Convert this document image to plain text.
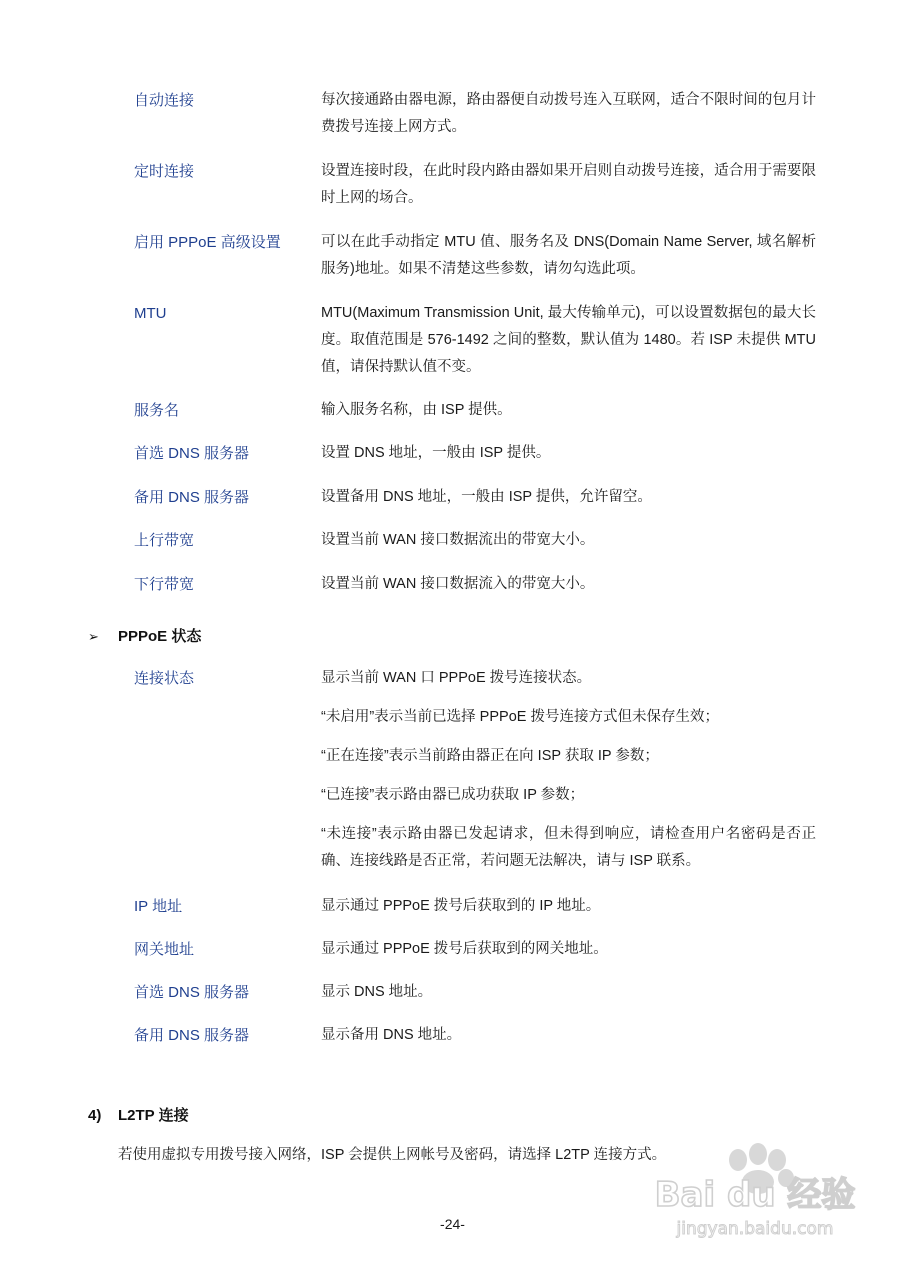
自动连接	每次接通路由器电源，路由器便自动拨号连入互联网，适合不限时间的包月计费拨号连接上网方式。
定时连接	设置连接时段，在此时段内路由器如果开启则自动拨号连接，适合用于需要限时上网的场合。
启用 PPPoE 高级设置	可以在此手动指定 MTU 值、服务名及 DNS(Domain Name Server, 域名解析服务)地址。如果不清楚这些参数，请勿勾选此项。
MTU	MTU(Maximum Transmission Unit, 最大传输单元)，可以设置数据包的最大长度。取值范围是 576-1492 之间的整数，默认值为 1480。若 ISP 未提供 MTU 值，请保持默认值不变。
服务名	输入服务名称，由 ISP 提供。
首选 DNS 服务器	设置 DNS 地址，一般由 ISP 提供。
备用 DNS 服务器	设置备用 DNS 地址，一般由 ISP 提供，允许留空。
上行带宽	设置当前 WAN 接口数据流出的带宽大小。
下行带宽	设置当前 WAN 接口数据流入的带宽大小。
➢ PPPoE 状态
连接状态	显示当前 WAN 口 PPPoE 拨号连接状态。
“未启用”表示当前已选择 PPPoE 拨号连接方式但未保存生效；
“正在连接”表示当前路由器正在向 ISP 获取 IP 参数；
“已连接”表示路由器已成功获取 IP 参数；
“未连接”表示路由器已发起请求，但未得到响应，请检查用户名密码是否正确、连接线路是否正常，若问题无法解决，请与 ISP 联系。
IP 地址	显示通过 PPPoE 拨号后获取到的 IP 地址。
网关地址	显示通过 PPPoE 拨号后获取到的网关地址。
首选 DNS 服务器	显示 DNS 地址。
备用 DNS 服务器	显示备用 DNS 地址。
4) L2TP 连接
若使用虚拟专用拨号接入网络，ISP 会提供上网帐号及密码，请选择 L2TP 连接方式。
-24-
Bai du 经验
jingyan.baidu.com
